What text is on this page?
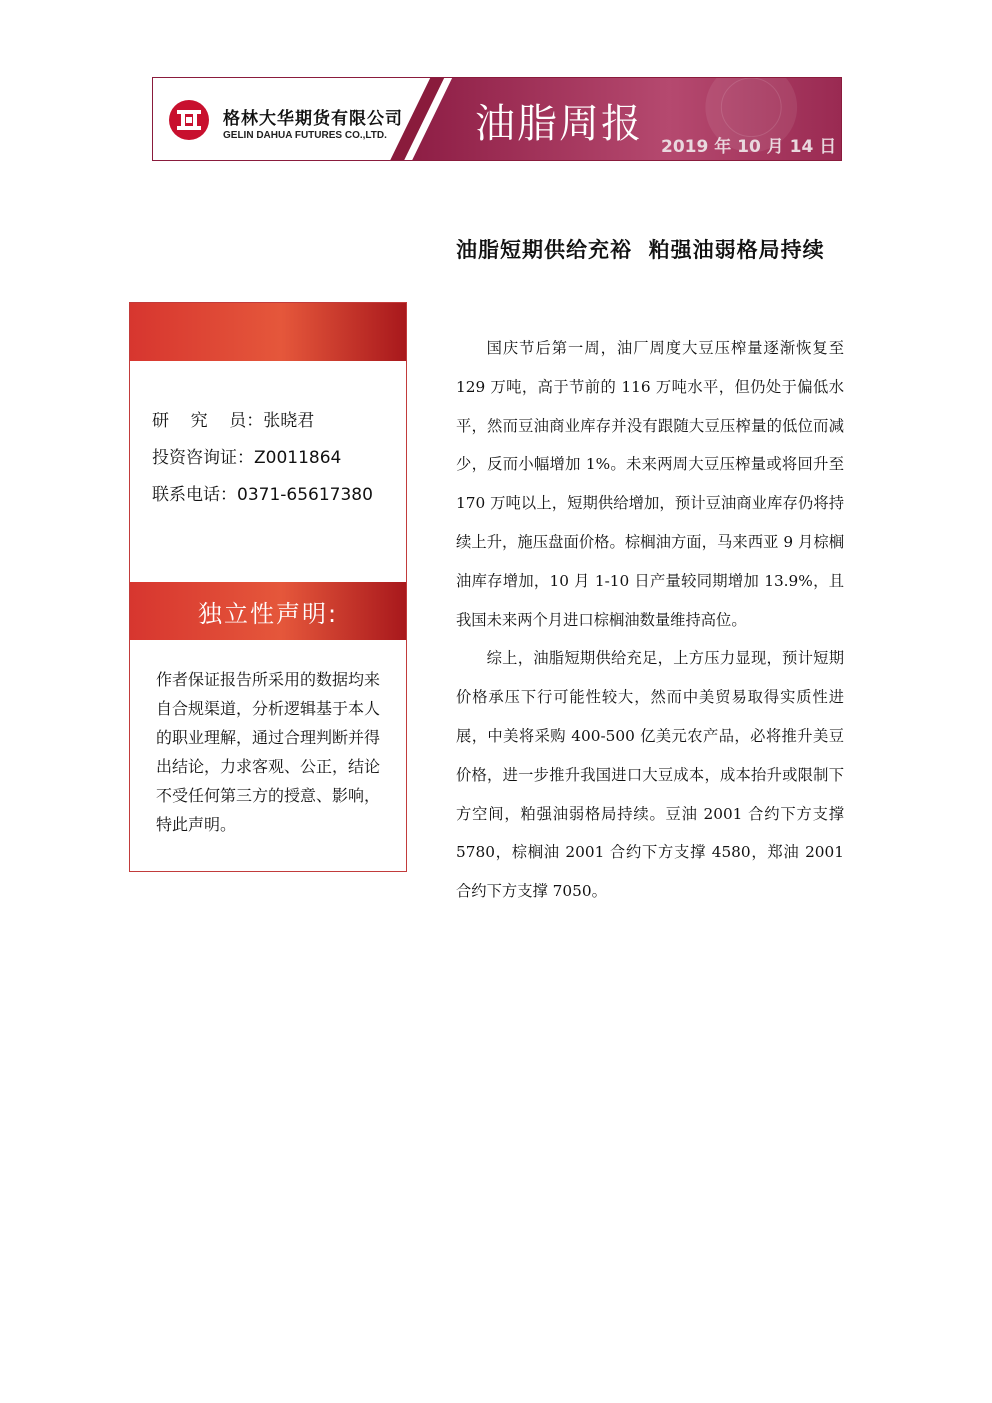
格林大华期货有限公司
GELIN DAHUA FUTURES CO.,LTD. 油脂周报 2019 年 10 月 14 日
研    究    员：张晓君
投资咨询证：Z0011864
联系电话：0371-65617380
独立性声明:
作者保证报告所采用的数据均来自合规渠道，分析逻辑基于本人的职业理解，通过合理判断并得出结论，力求客观、公正，结论不受任何第三方的授意、影响，特此声明。
油脂短期供给充裕  粕强油弱格局持续

国庆节后第一周，油厂周度大豆压榨量逐渐恢复至 129 万吨，高于节前的 116 万吨水平，但仍处于偏低水平，然而豆油商业库存并没有跟随大豆压榨量的低位而减少，反而小幅增加 1%。未来两周大豆压榨量或将回升至 170 万吨以上，短期供给增加，预计豆油商业库存仍将持续上升，施压盘面价格。棕榈油方面，马来西亚 9 月棕榈油库存增加，10 月 1-10 日产量较同期增加 13.9%，且我国未来两个月进口棕榈油数量维持高位。

综上，油脂短期供给充足，上方压力显现，预计短期价格承压下行可能性较大，然而中美贸易取得实质性进展，中美将采购 400-500 亿美元农产品，必将推升美豆价格，进一步推升我国进口大豆成本，成本抬升或限制下方空间，粕强油弱格局持续。豆油 2001 合约下方支撑 5780，棕榈油 2001 合约下方支撑 4580，郑油 2001 合约下方支撑 7050。
